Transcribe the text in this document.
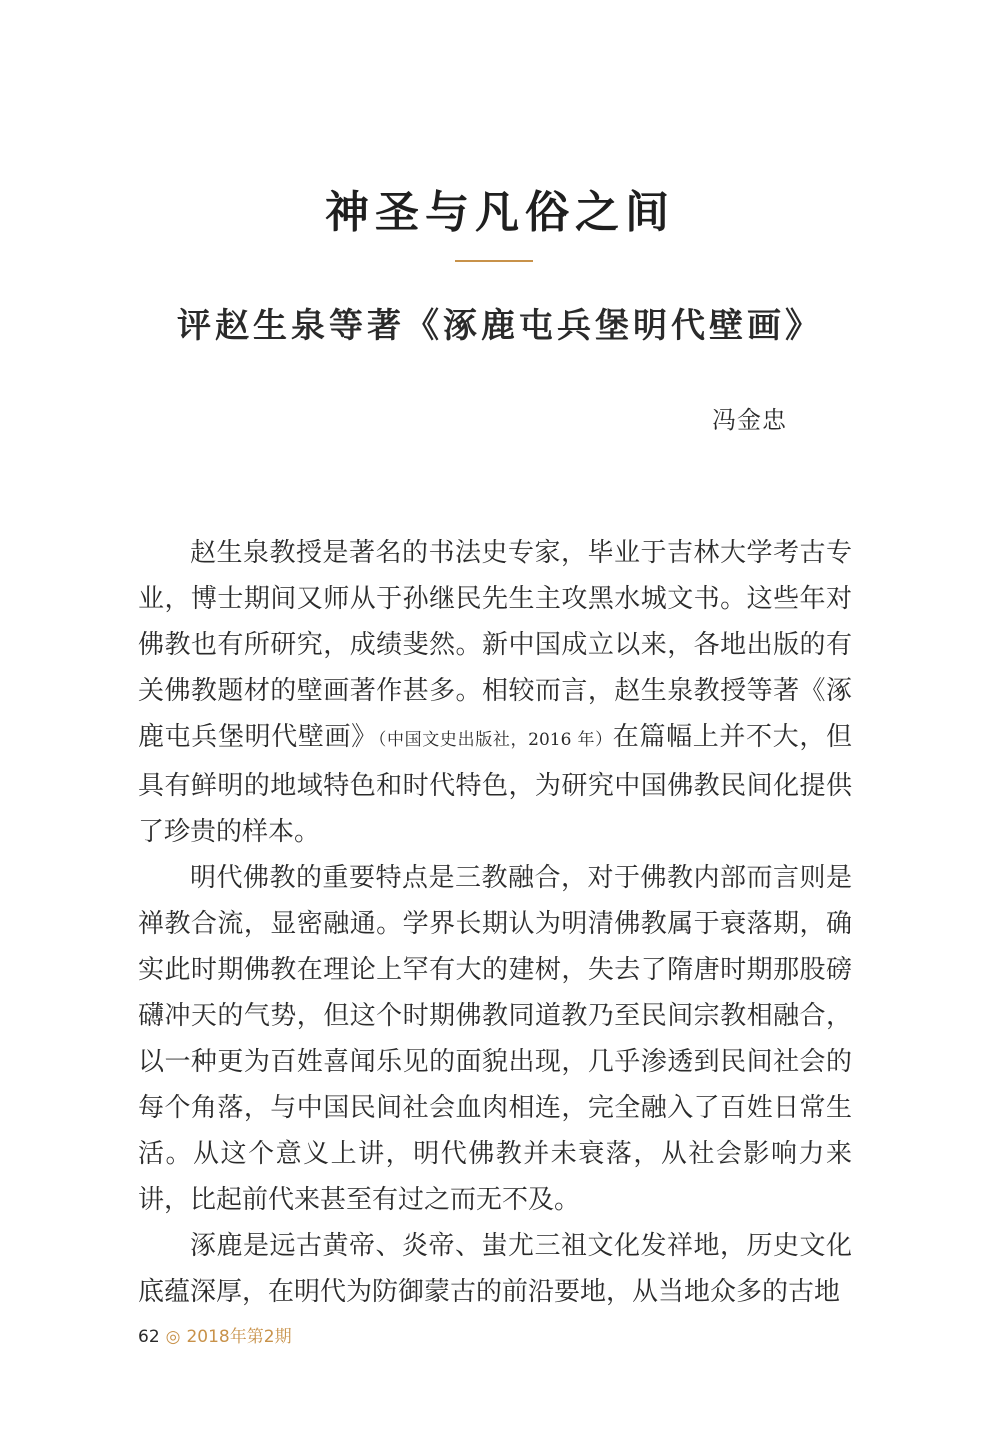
神圣与凡俗之间
评赵生泉等著《涿鹿屯兵堡明代壁画》
冯金忠

赵生泉教授是著名的书法史专家，毕业于吉林大学考古专业，博士期间又师从于孙继民先生主攻黑水城文书。这些年对佛教也有所研究，成绩斐然。新中国成立以来，各地出版的有关佛教题材的壁画著作甚多。相较而言，赵生泉教授等著《涿鹿屯兵堡明代壁画》（中国文史出版社，2016 年）在篇幅上并不大，但具有鲜明的地域特色和时代特色，为研究中国佛教民间化提供了珍贵的样本。

明代佛教的重要特点是三教融合，对于佛教内部而言则是禅教合流，显密融通。学界长期认为明清佛教属于衰落期，确实此时期佛教在理论上罕有大的建树，失去了隋唐时期那股磅礴冲天的气势，但这个时期佛教同道教乃至民间宗教相融合，以一种更为百姓喜闻乐见的面貌出现，几乎渗透到民间社会的每个角落，与中国民间社会血肉相连，完全融入了百姓日常生活。从这个意义上讲，明代佛教并未衰落，从社会影响力来讲，比起前代来甚至有过之而无不及。

涿鹿是远古黄帝、炎帝、蚩尤三祖文化发祥地，历史文化底蕴深厚，在明代为防御蒙古的前沿要地，从当地众多的古地

62 ◎ 2018年第2期
